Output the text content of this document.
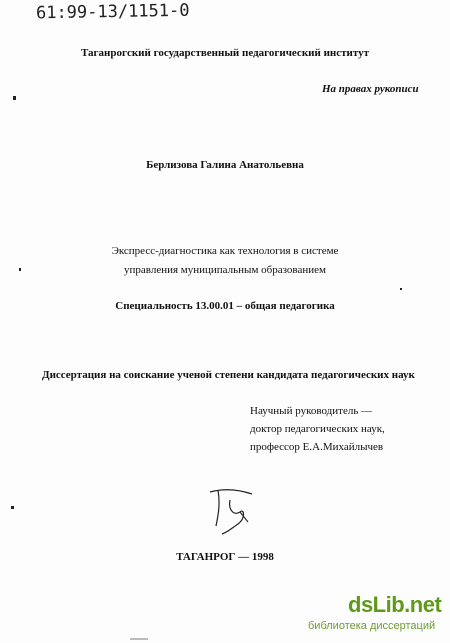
61:99-13/1151-0
Таганрогский государственный педагогический институт
На правах рукописи
Берлизова Галина Анатольевна
Экспресс-диагностика как технология в системе
управления муниципальным образованием
Специальность 13.00.01 – общая педагогика
Диссертация на соискание ученой степени кандидата педагогических наук
Научный руководитель —
доктор педагогических наук,
профессор Е.А.Михайлычев
ТАГАНРОГ — 1998
dsLib.net
библиотека диссертаций
